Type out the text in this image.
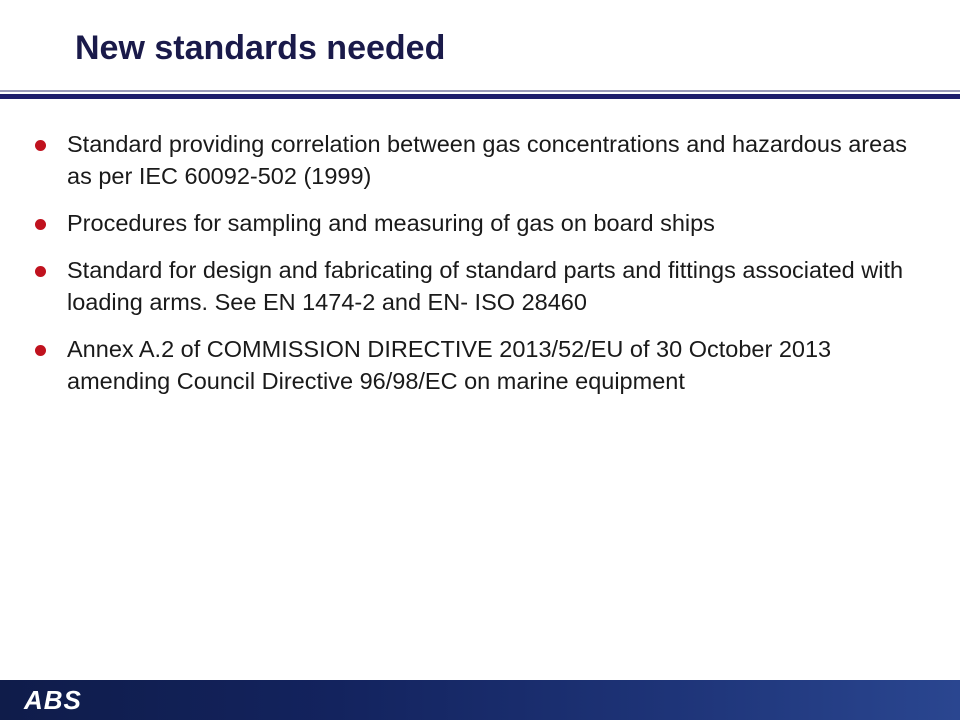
New standards needed
Standard providing correlation between gas concentrations and hazardous areas as per IEC 60092-502 (1999)
Procedures for sampling and measuring of gas on board ships
Standard for design and fabricating of standard parts and fittings associated with loading arms. See EN 1474-2 and EN- ISO 28460
Annex A.2 of COMMISSION DIRECTIVE 2013/52/EU of 30 October 2013 amending Council Directive 96/98/EC on marine equipment
ABS
